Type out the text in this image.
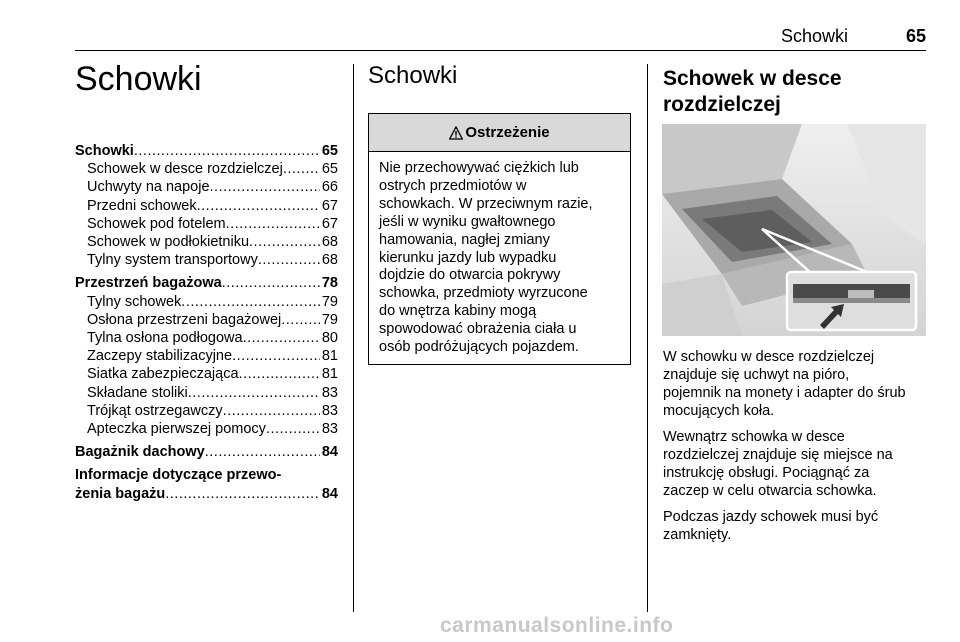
Schowki	65
Schowki
Schowki .....	65
Schowek w desce rozdzielczej .....	65
Uchwyty na napoje .....	66
Przedni schowek .....	67
Schowek pod fotelem .....	67
Schowek w podłokietniku .....	68
Tylny system transportowy .....	68
Przestrzeń bagażowa .....	78
Tylny schowek .....	79
Osłona przestrzeni bagażowej .....	79
Tylna osłona podłogowa .....	80
Zaczepy stabilizacyjne .....	81
Siatka zabezpieczająca .....	81
Składane stoliki .....	83
Trójkąt ostrzegawczy .....	83
Apteczka pierwszej pomocy .....	83
Bagażnik dachowy .....	84
Informacje dotyczące przewo-
żenia bagażu .....	84
Schowki
Ostrzeżenie
Nie przechowywać ciężkich lub
ostrych przedmiotów w
schowkach. W przeciwnym razie,
jeśli w wyniku gwałtownego
hamowania, nagłej zmiany
kierunku jazdy lub wypadku
dojdzie do otwarcia pokrywy
schowka, przedmioty wyrzucone
do wnętrza kabiny mogą
spowodować obrażenia ciała u
osób podróżujących pojazdem.
Schowek w desce
rozdzielczej

W schowku w desce rozdzielczej
znajduje się uchwyt na pióro,
pojemnik na monety i adapter do śrub
mocujących koła.

Wewnątrz schowka w desce
rozdzielczej znajduje się miejsce na
instrukcję obsługi. Pociągnąć za
zaczep w celu otwarcia schowka.

Podczas jazdy schowek musi być
zamknięty.

carmanualsonline.info
